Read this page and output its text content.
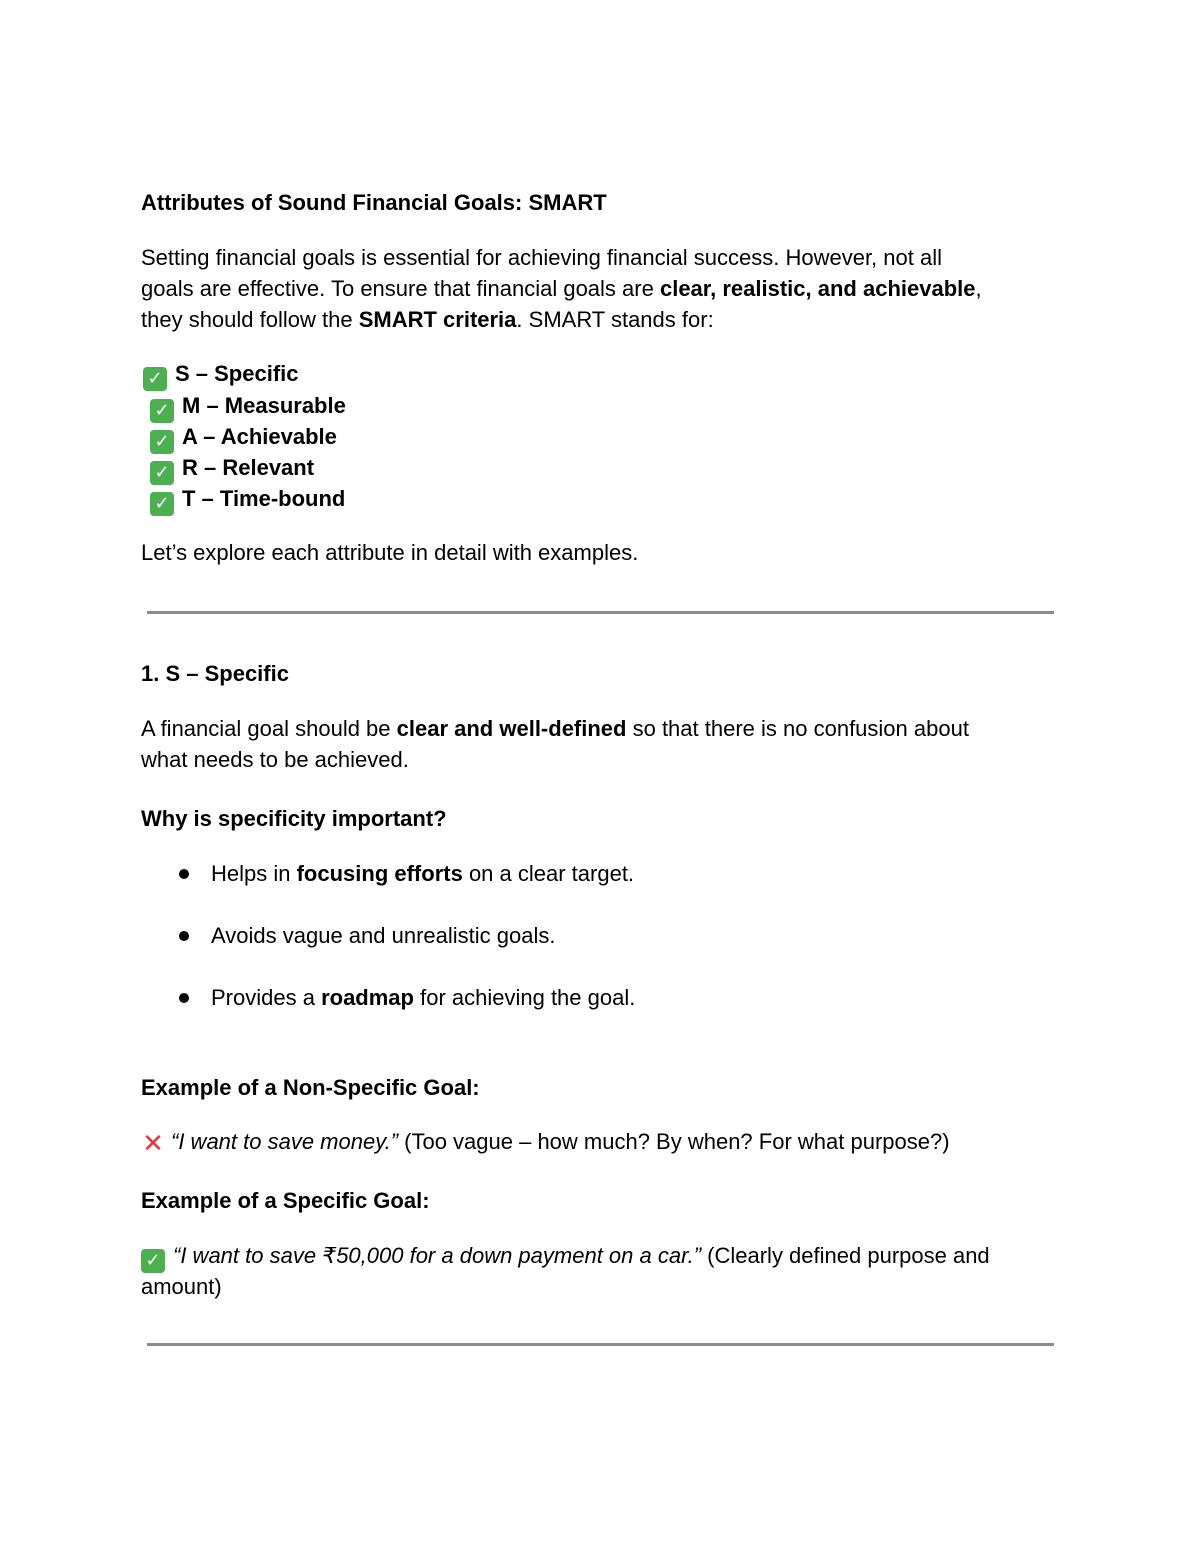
Attributes of Sound Financial Goals: SMART
Setting financial goals is essential for achieving financial success. However, not all
goals are effective. To ensure that financial goals are clear, realistic, and achievable,
they should follow the SMART criteria. SMART stands for:
✓ S – Specific
✓ M – Measurable
✓ A – Achievable
✓ R – Relevant
✓ T – Time-bound
Let’s explore each attribute in detail with examples.
1. S – Specific
A financial goal should be clear and well-defined so that there is no confusion about
what needs to be achieved.
Why is specificity important?
Helps in focusing efforts on a clear target.
Avoids vague and unrealistic goals.
Provides a roadmap for achieving the goal.
Example of a Non-Specific Goal:
✕ “I want to save money.” (Too vague – how much? By when? For what purpose?)
Example of a Specific Goal:
✓ “I want to save ₹50,000 for a down payment on a car.” (Clearly defined purpose and
amount)
